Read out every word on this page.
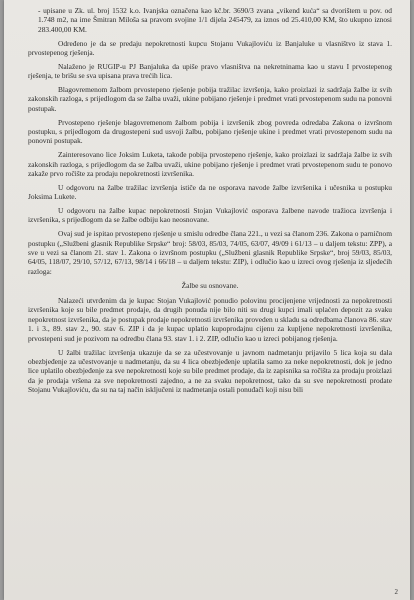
- upisane u Zk. ul. broj 1532 k.o. Ivanjska označena kao kč.br. 3690/3 zvana „vikend kuća“ sa dvorištem u pov. od 1.748 m2, na ime Šmitran Miloša sa pravom svojine 1/1 dijela 245479, za iznos od 25.410,00 KM, što ukupno iznosi 283.400,00 KM.

Određeno je da se predaju nepokretnosti kupcu Stojanu Vukajloviću iz Banjaluke u vlasništvo iz stava 1. prvostepenog rješenja.

Nalaženo je RUGIP-u PJ Banjaluka da upiše pravo vlasništva na nekretninama kao u stavu I prvostepenog rješenja, te brišu se sva upisana prava trećih lica.

Blagovremenom žalbom prvostepeno rješenje pobija tražilac izvršenja, kako proizlazi iz sadržaja žalbe iz svih zakonskih razloga, s prijedlogom da se žalba uvaži, ukine pobijano rješenje i predmet vrati prvostepenom sudu na ponovni postupak.

Prvostepeno rješenje blagovremenom žalbom pobija i izvršenik zbog povreda odredaba Zakona o izvršnom postupku, s prijedlogom da drugostepeni sud usvoji žalbu, pobijano rješenje ukine i predmet vrati prvostepenom sudu na ponovni postupak.

Zainteresovano lice Joksim Luketa, takođe pobija prvostepeno rješenje, kako proizlazi iz sadržaja žalbe iz svih zakonskih razloga, s prijedlogom da se žalba uvaži, ukine pobijano rješenje i predmet vrati prvostepenom sudu te ponovo zakaže prvo ročište za prodaju nepokretnosti izvršenika.

U odgovoru na žalbe tražilac izvršenja ističe da ne osporava navode žalbe izvršenika i učesnika u postupku Joksima Lukete.

U odgovoru na žalbe kupac nepokretnosti Stojan Vukajlović osporava žalbene navode tražioca izvršenja i izvršenika, s prijedlogom da se žalbe odbiju kao neosnovane.

Ovaj sud je ispitao prvostepeno rješenje u smislu odredbe člana 221., u vezi sa članom 236. Zakona o parničnom postupku („Službeni glasnik Republike Srpske“ broj: 58/03, 85/03, 74/05, 63/07, 49/09 i 61/13 – u daljem tekstu: ZPP), a sve u vezi sa članom 21. stav 1. Zakona o izvršnom postupku („Službeni glasnik Republike Srpske“, broj 59/03, 85/03, 64/05, 118/07, 29/10, 57/12, 67/13, 98/14 i 66/18 – u daljem tekstu: ZIP), i odlučio kao u izreci ovog rješenja iz sljedećih razloga:

Žalbe su osnovane.

Nalazeći utvrđenim da je kupac Stojan Vukajlović ponudio polovinu procijenjene vrijednosti za nepokretnosti izvršenika koje su bile predmet prodaje, da drugih ponuda nije bilo niti su drugi kupci imali uplaćen depozit za svaku nepokretnost izvršenika, da je postupak prodaje nepokretnosti izvršenika proveden u skladu sa odredbama članova 86. stav 1. i 3., 89. stav 2., 90. stav 6. ZIP i da je kupac uplatio kupoprodajnu cijenu za kupljene nepokretnosti izvršenika, prvostepeni sud je pozivom na odredbu člana 93. stav 1. i 2. ZIP, odlučio kao u izreci pobijanog rješenja.

U žalbi tražilac izvršenja ukazuje da se za učestvovanje u javnom nadmetanju prijavilo 5 lica koja su dala obezbjeđenje za učestvovanje u nadmetanju, da su 4 lica obezbjeđenje uplatila samo za neke nepokretnosti, dok je jedno lice uplatilo obezbjeđenje za sve nepokretnosti koje su bile predmet prodaje, da iz zapisnika sa ročišta za prodaju proizlazi da je prodaja vršena za sve nepokretnosti zajedno, a ne za svaku nepokretnost, tako da su sve nepokretnosti prodate Stojanu Vukajloviću, da su na taj način isključeni iz nadmetanja ostali ponuđači koji nisu bili

2
